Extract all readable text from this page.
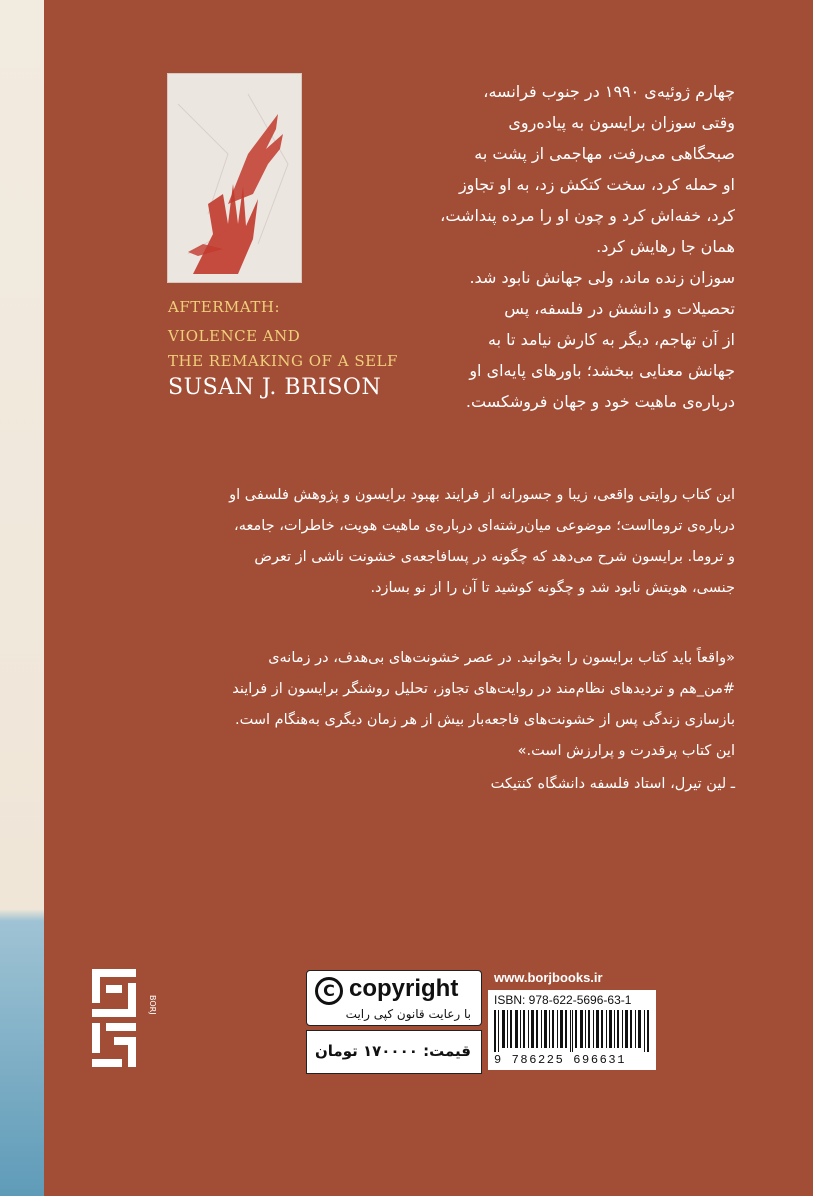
AFTERMATH:
VIOLENCE AND
THE REMAKING OF A SELF
SUSAN J. BRISON
چهارم ژوئیه‌ی ۱۹۹۰ در جنوب فرانسه،
وقتی سوزان برایسون به پیاده‌روی
صبحگاهی می‌رفت، مهاجمی از پشت به
او حمله کرد، سخت کتکش زد، به او تجاوز
کرد، خفه‌اش کرد و چون او را مرده پنداشت،
همان جا رهایش کرد.
سوزان زنده ماند، ولی جهانش نابود شد.
تحصیلات و دانشش در فلسفه، پس
از آن تهاجم، دیگر به کارش نیامد تا به
جهانش معنایی ببخشد؛ باورهای پایه‌ای او
درباره‌ی ماهیت خود و جهان فروشکست.
این کتاب روایتی واقعی، زیبا و جسورانه از فرایند بهبود برایسون و پژوهش فلسفی او
درباره‌ی ترومااست؛ موضوعی میان‌رشته‌ای درباره‌ی ماهیت هویت، خاطرات، جامعه،
و تروما. برایسون شرح می‌دهد که چگونه در پسافاجعه‌ی خشونت ناشی از تعرض
جنسی، هویتش نابود شد و چگونه کوشید تا آن را از نو بسازد.
«واقعاً باید کتاب برایسون را بخوانید. در عصر خشونت‌های بی‌هدف، در زمانه‌ی
#من_هم و تردیدهای نظام‌مند در روایت‌های تجاوز، تحلیل روشنگر برایسون از فرایند
بازسازی زندگی پس از خشونت‌های فاجعه‌بار بیش از هر زمان دیگری به‌هنگام است.
این کتاب پرقدرت و پرارزش است.»
ـ لین تیرل، استاد فلسفه دانشگاه کنتیکت
BORJ
C copyright
با رعایت قانون کپی رایت
قیمت: ۱۷۰۰۰۰ تومان
www.borjbooks.ir
ISBN: 978-622-5696-63-1
9 786225 696631
